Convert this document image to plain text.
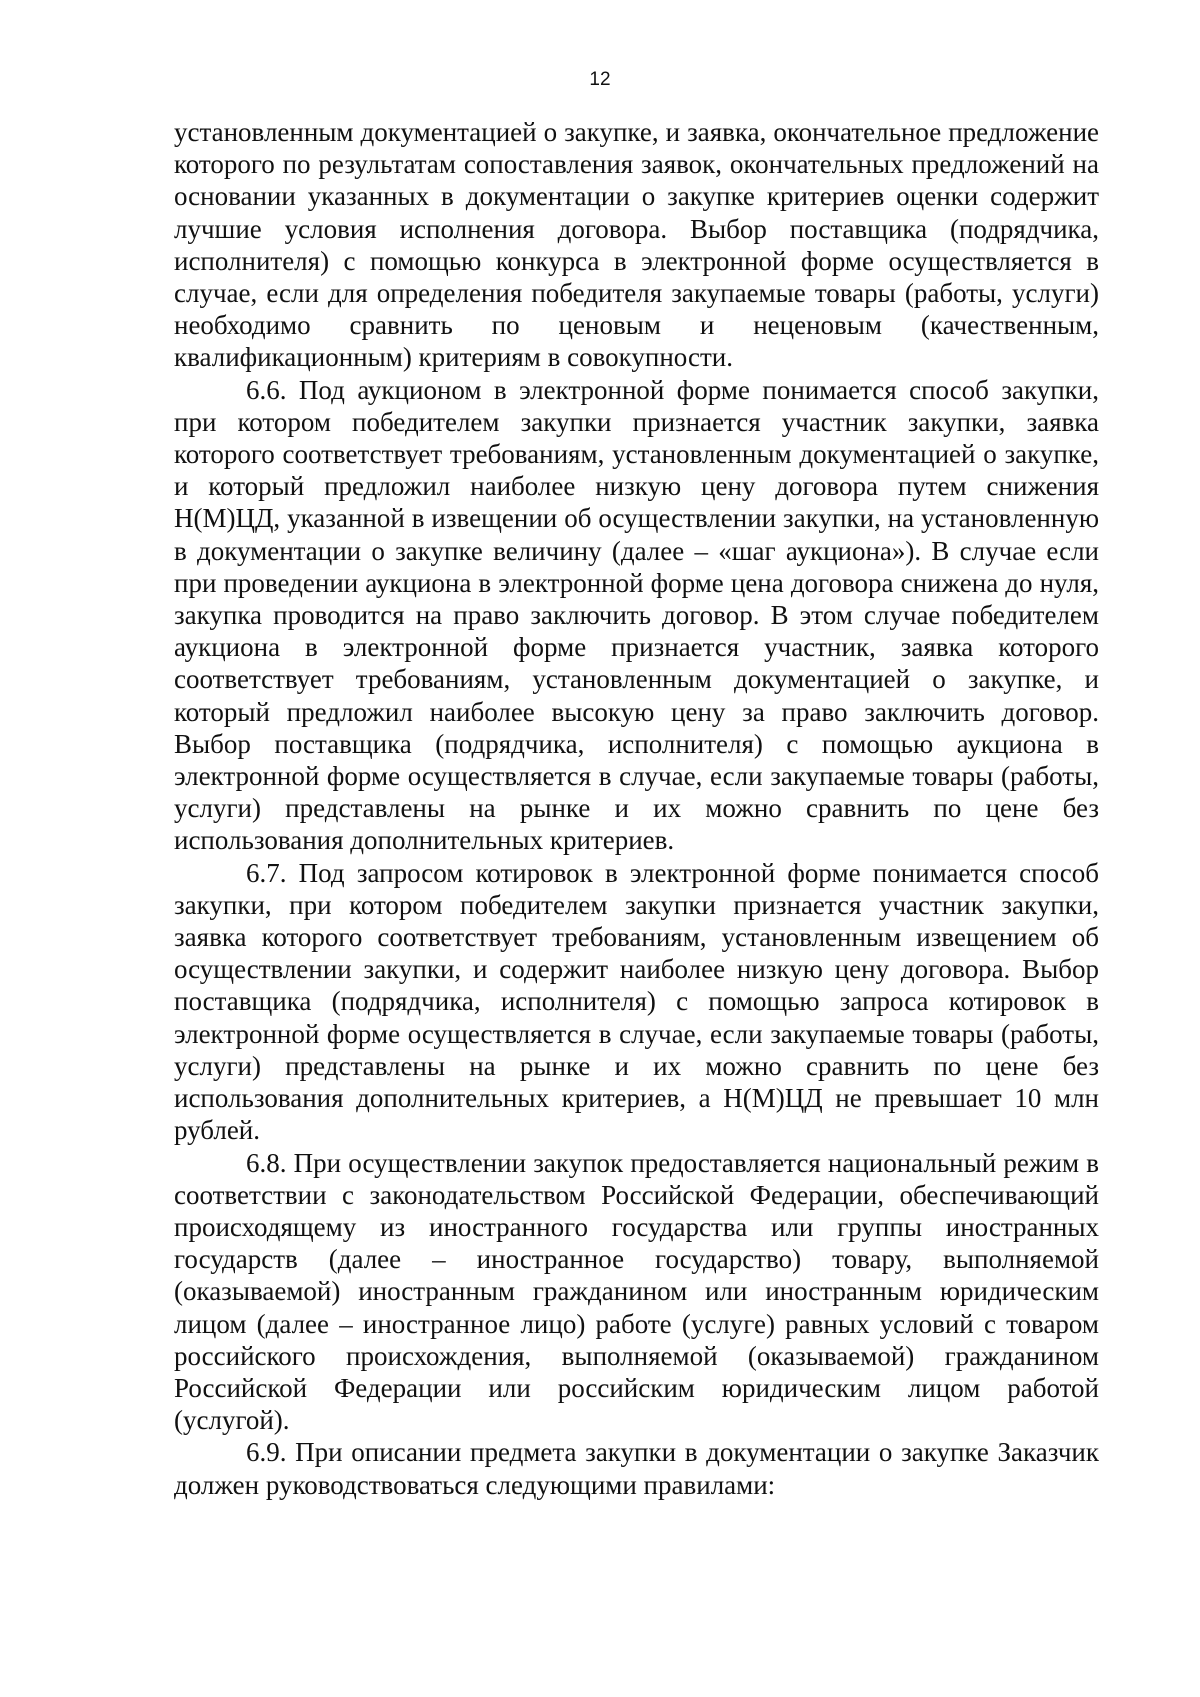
12

установленным документацией о закупке, и заявка, окончательное предложение которого по результатам сопоставления заявок, окончательных предложений на основании указанных в документации о закупке критериев оценки содержит лучшие условия исполнения договора. Выбор поставщика (подрядчика, исполнителя) с помощью конкурса в электронной форме осуществляется в случае, если для определения победителя закупаемые товары (работы, услуги) необходимо сравнить по ценовым и неценовым (качественным, квалификационным) критериям в совокупности.

6.6. Под аукционом в электронной форме понимается способ закупки, при котором победителем закупки признается участник закупки, заявка которого соответствует требованиям, установленным документацией о закупке, и который предложил наиболее низкую цену договора путем снижения Н(М)ЦД, указанной в извещении об осуществлении закупки, на установленную в документации о закупке величину (далее – «шаг аукциона»). В случае если при проведении аукциона в электронной форме цена договора снижена до нуля, закупка проводится на право заключить договор. В этом случае победителем аукциона в электронной форме признается участник, заявка которого соответствует требованиям, установленным документацией о закупке, и который предложил наиболее высокую цену за право заключить договор. Выбор поставщика (подрядчика, исполнителя) с помощью аукциона в электронной форме осуществляется в случае, если закупаемые товары (работы, услуги) представлены на рынке и их можно сравнить по цене без использования дополнительных критериев.

6.7. Под запросом котировок в электронной форме понимается способ закупки, при котором победителем закупки признается участник закупки, заявка которого соответствует требованиям, установленным извещением об осуществлении закупки, и содержит наиболее низкую цену договора. Выбор поставщика (подрядчика, исполнителя) с помощью запроса котировок в электронной форме осуществляется в случае, если закупаемые товары (работы, услуги) представлены на рынке и их можно сравнить по цене без использования дополнительных критериев, а Н(М)ЦД не превышает 10 млн рублей.

6.8. При осуществлении закупок предоставляется национальный режим в соответствии с законодательством Российской Федерации, обеспечивающий происходящему из иностранного государства или группы иностранных государств (далее – иностранное государство) товару, выполняемой (оказываемой) иностранным гражданином или иностранным юридическим лицом (далее – иностранное лицо) работе (услуге) равных условий с товаром российского происхождения, выполняемой (оказываемой) гражданином Российской Федерации или российским юридическим лицом работой (услугой).

6.9. При описании предмета закупки в документации о закупке Заказчик должен руководствоваться следующими правилами:
